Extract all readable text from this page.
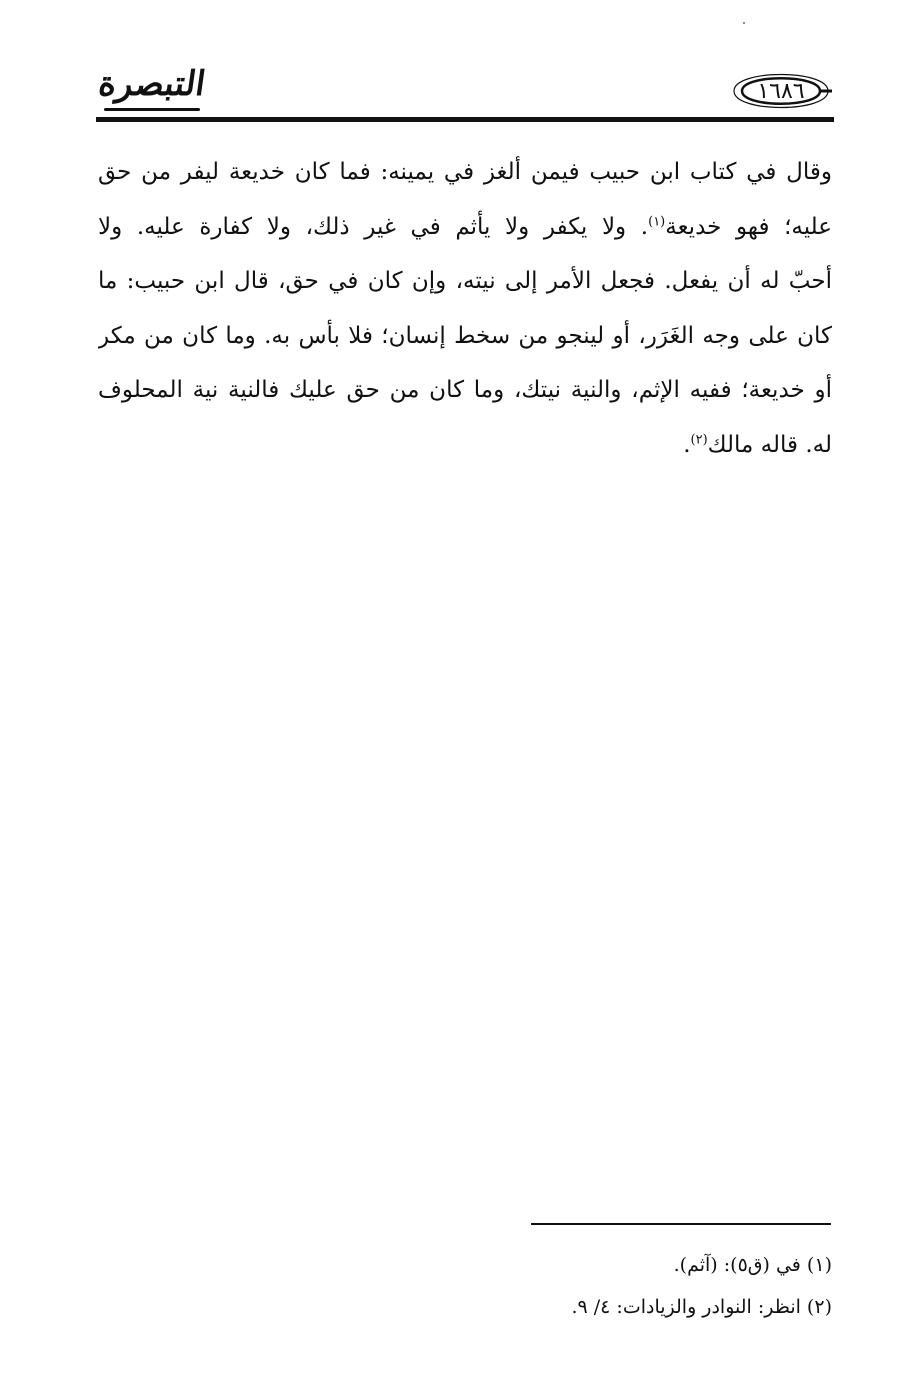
التبصرة	١٦٨٦
وقال في كتاب ابن حبيب فيمن ألغز في يمينه: فما كان خديعة ليفر من حق
عليه؛ فهو خديعة$^{(١)}$. ولا يكفر ولا يأثم في غير ذلك، ولا كفارة عليه. ولا
أحبّ له أن يفعل. فجعل الأمر إلى نيته، وإن كان في حق، قال ابن حبيب: ما
كان على وجه الغَرَر، أو لينجو من سخط إنسان؛ فلا بأس به. وما كان من مكر
أو خديعة؛ ففيه الإثم، والنية نيتك، وما كان من حق عليك فالنية نية المحلوف
له. قاله مالك$^{(٢)}$.
(١) في (ق٥): (آثم).
(٢) انظر: النوادر والزيادات: ٤/ ٩.
